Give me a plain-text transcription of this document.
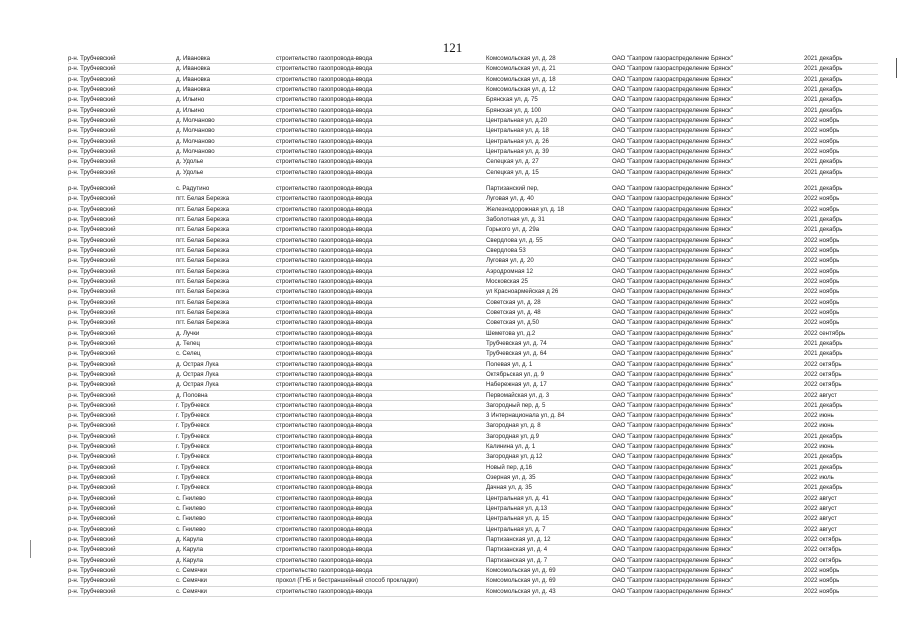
121
р-н. Трубчевский	д. Ивановка	строительство газопровода-ввода	Комсомольская ул, д. 28	ОАО "Газпром газораспределение Брянск"	2021 декабрь
р-н. Трубчевский	д. Ивановка	строительство газопровода-ввода	Комсомольская ул, д. 21	ОАО "Газпром газораспределение Брянск"	2021 декабрь
р-н. Трубчевский	д. Ивановка	строительство газопровода-ввода	Комсомольская ул, д. 18	ОАО "Газпром газораспределение Брянск"	2021 декабрь
р-н. Трубчевский	д. Ивановка	строительство газопровода-ввода	Комсомольская ул, д. 12	ОАО "Газпром газораспределение Брянск"	2021 декабрь
р-н. Трубчевский	д. Ильино	строительство газопровода-ввода	Брянская ул, д. 75	ОАО "Газпром газораспределение Брянск"	2021 декабрь
р-н. Трубчевский	д. Ильино	строительство газопровода-ввода	Брянская ул, д. 100	ОАО "Газпром газораспределение Брянск"	2021 декабрь
р-н. Трубчевский	д. Молчаново	строительство газопровода-ввода	Центральная ул, д.20	ОАО "Газпром газораспределение Брянск"	2022 ноябрь
р-н. Трубчевский	д. Молчаново	строительство газопровода-ввода	Центральная ул, д. 18	ОАО "Газпром газораспределение Брянск"	2022 ноябрь
р-н. Трубчевский	д. Молчаново	строительство газопровода-ввода	Центральная ул, д. 26	ОАО "Газпром газораспределение Брянск"	2022 ноябрь
р-н. Трубчевский	д. Молчаново	строительство газопровода-ввода	Центральная ул, д. 39	ОАО "Газпром газораспределение Брянск"	2022 ноябрь
р-н. Трубчевский	д. Удолье	строительство газопровода-ввода	Селецкая ул, д. 27	ОАО "Газпром газораспределение Брянск"	2021 декабрь
р-н. Трубчевский	д. Удолье	строительство газопровода-ввода	Селецкая ул, д. 15	ОАО "Газпром газораспределение Брянск"	2021 декабрь
р-н. Трубчевский	с. Радутино	строительство газопровода-ввода	Партизанский пер,	ОАО "Газпром газораспределение Брянск"	2021 декабрь
р-н. Трубчевский	пгт. Белая Березка	строительство газопровода-ввода	Луговая ул, д. 40	ОАО "Газпром газораспределение Брянск"	2022 ноябрь
р-н. Трубчевский	пгт. Белая Березка	строительство газопровода-ввода	Железнодорожная ул, д. 18	ОАО "Газпром газораспределение Брянск"	2022 ноябрь
р-н. Трубчевский	пгт. Белая Березка	строительство газопровода-ввода	Заболотная ул, д. 31	ОАО "Газпром газораспределение Брянск"	2021 декабрь
р-н. Трубчевский	пгт. Белая Березка	строительство газопровода-ввода	Горького ул, д. 29а	ОАО "Газпром газораспределение Брянск"	2021 декабрь
р-н. Трубчевский	пгт. Белая Березка	строительство газопровода-ввода	Свердлова ул, д. 55	ОАО "Газпром газораспределение Брянск"	2022 ноябрь
р-н. Трубчевский	пгт. Белая Березка	строительство газопровода-ввода	Свердлова 53	ОАО "Газпром газораспределение Брянск"	2022 ноябрь
р-н. Трубчевский	пгт. Белая Березка	строительство газопровода-ввода	Луговая ул, д. 20	ОАО "Газпром газораспределение Брянск"	2022 ноябрь
р-н. Трубчевский	пгт. Белая Березка	строительство газопровода-ввода	Аэродромная 12	ОАО "Газпром газораспределение Брянск"	2022 ноябрь
р-н. Трубчевский	пгт. Белая Березка	строительство газопровода-ввода	Московская 25	ОАО "Газпром газораспределение Брянск"	2022 ноябрь
р-н. Трубчевский	пгт. Белая Березка	строительство газопровода-ввода	ул Красноармейская д 26	ОАО "Газпром газораспределение Брянск"	2022 ноябрь
р-н. Трубчевский	пгт. Белая Березка	строительство газопровода-ввода	Советская ул, д. 28	ОАО "Газпром газораспределение Брянск"	2022 ноябрь
р-н. Трубчевский	пгт. Белая Березка	строительство газопровода-ввода	Советская ул, д. 48	ОАО "Газпром газораспределение Брянск"	2022 ноябрь
р-н. Трубчевский	пгт. Белая Березка	строительство газопровода-ввода	Советская ул, д.50	ОАО "Газпром газораспределение Брянск"	2022 ноябрь
р-н. Трубчевский	д. Лучки	строительство газопровода-ввода	Шеметова ул, д.2	ОАО "Газпром газораспределение Брянск"	2022 сентябрь
р-н. Трубчевский	д. Телец	строительство газопровода-ввода	Трубчевская ул, д. 74	ОАО "Газпром газораспределение Брянск"	2021 декабрь
р-н. Трубчевский	с. Селец	строительство газопровода-ввода	Трубчевская ул, д. 64	ОАО "Газпром газораспределение Брянск"	2021 декабрь
р-н. Трубчевский	д. Острая Лука	строительство газопровода-ввода	Полевая ул, д. 1	ОАО "Газпром газораспределение Брянск"	2022 октябрь
р-н. Трубчевский	д. Острая Лука	строительство газопровода-ввода	Октябрьская ул, д. 9	ОАО "Газпром газораспределение Брянск"	2022 октябрь
р-н. Трубчевский	д. Острая Лука	строительство газопровода-ввода	Набережная ул, д. 17	ОАО "Газпром газораспределение Брянск"	2022 октябрь
р-н. Трубчевский	д. Половна	строительство газопровода-ввода	Первомайская ул, д. 3	ОАО "Газпром газораспределение Брянск"	2022 август
р-н. Трубчевский	г. Трубчевск	строительство газопровода-ввода	Загородный пер, д. 5	ОАО "Газпром газораспределение Брянск"	2021 декабрь
р-н. Трубчевский	г. Трубчевск	строительство газопровода-ввода	3 Интернационала ул, д. 84	ОАО "Газпром газораспределение Брянск"	2022 июнь
р-н. Трубчевский	г. Трубчевск	строительство газопровода-ввода	Загородная ул, д. 8	ОАО "Газпром газораспределение Брянск"	2022 июнь
р-н. Трубчевский	г. Трубчевск	строительство газопровода-ввода	Загородная ул, д.9	ОАО "Газпром газораспределение Брянск"	2021 декабрь
р-н. Трубчевский	г. Трубчевск	строительство газопровода-ввода	Калинина ул, д. 1	ОАО "Газпром газораспределение Брянск"	2022 июнь
р-н. Трубчевский	г. Трубчевск	строительство газопровода-ввода	Загородная ул, д.12	ОАО "Газпром газораспределение Брянск"	2021 декабрь
р-н. Трубчевский	г. Трубчевск	строительство газопровода-ввода	Новый пер, д.16	ОАО "Газпром газораспределение Брянск"	2021 декабрь
р-н. Трубчевский	г. Трубчевск	строительство газопровода-ввода	Озерная ул, д. 35	ОАО "Газпром газораспределение Брянск"	2022 июль
р-н. Трубчевский	г. Трубчевск	строительство газопровода-ввода	Дачная ул, д. 35	ОАО "Газпром газораспределение Брянск"	2021 декабрь
р-н. Трубчевский	с. Гнилево	строительство газопровода-ввода	Центральная ул, д. 41	ОАО "Газпром газораспределение Брянск"	2022 август
р-н. Трубчевский	с. Гнилево	строительство газопровода-ввода	Центральная ул, д.13	ОАО "Газпром газораспределение Брянск"	2022 август
р-н. Трубчевский	с. Гнилево	строительство газопровода-ввода	Центральная ул, д. 15	ОАО "Газпром газораспределение Брянск"	2022 август
р-н. Трубчевский	с. Гнилево	строительство газопровода-ввода	Центральная ул, д. 7	ОАО "Газпром газораспределение Брянск"	2022 август
р-н. Трубчевский	д. Карула	строительство газопровода-ввода	Партизанская ул, д. 12	ОАО "Газпром газораспределение Брянск"	2022 октябрь
р-н. Трубчевский	д. Карула	строительство газопровода-ввода	Партизанская ул, д. 4	ОАО "Газпром газораспределение Брянск"	2022 октябрь
р-н. Трубчевский	д. Карула	строительство газопровода-ввода	Партизанская ул, д. 7	ОАО "Газпром газораспределение Брянск"	2022 октябрь
р-н. Трубчевский	с. Семячки	строительство газопровода-ввода	Комсомольская ул, д. 69	ОАО "Газпром газораспределение Брянск"	2022 ноябрь
р-н. Трубчевский	с. Семячки	прокол (ГНБ и бестраншейный способ прокладки)	Комсомольская ул, д. 69	ОАО "Газпром газораспределение Брянск"	2022 ноябрь
р-н. Трубчевский	с. Семячки	строительство газопровода-ввода	Комсомольская ул, д. 43	ОАО "Газпром газораспределение Брянск"	2022 ноябрь
